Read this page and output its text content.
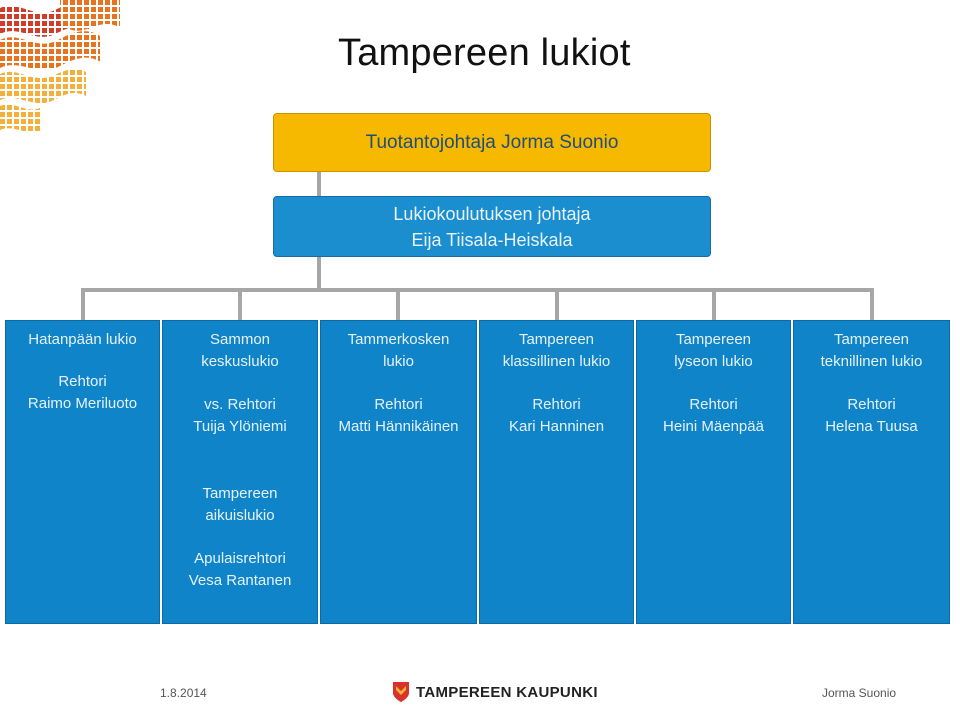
Tampereen lukiot
Tuotantojohtaja Jorma Suonio
Lukiokoulutuksen johtaja
Eija Tiisala-Heiskala
Hatanpään lukio
Rehtori
Raimo Meriluoto
Sammon
keskuslukio
vs. Rehtori
Tuija Ylöniemi
Tampereen
aikuislukio
Apulaisrehtori
Vesa Rantanen
Tammerkosken
lukio
Rehtori
Matti Hännikäinen
Tampereen
klassillinen lukio
Rehtori
Kari Hanninen
Tampereen
lyseon lukio
Rehtori
Heini Mäenpää
Tampereen
teknillinen lukio
Rehtori
Helena Tuusa
1.8.2014	TAMPEREEN KAUPUNKI	Jorma Suonio
